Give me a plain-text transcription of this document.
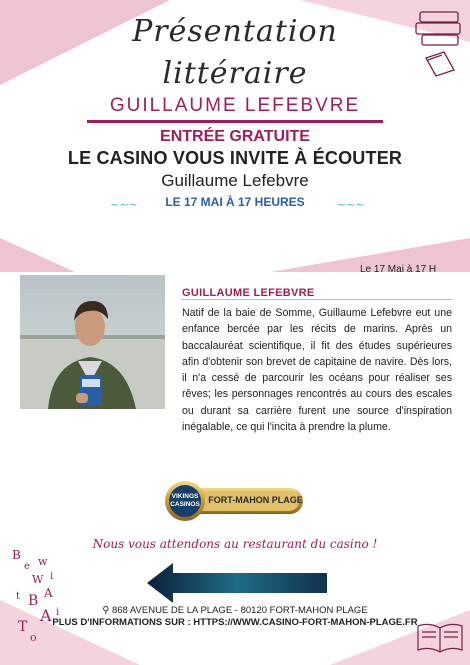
B
e w
W i
t B A
A i
T
o
Présentation
littéraire
GUILLAUME LEFEBVRE
ENTRÉE GRATUITE
LE CASINO VOUS INVITE À ÉCOUTER
Guillaume Lefebvre
~~~	LE 17 MAI À 17 HEURES	~~~
Le 17 Mai à 17 H
GUILLAUME LEFEBVRE
Natif de la baie de Somme, Guillaume Lefebvre eut une enfance bercée par les récits de marins. Après un baccalauréat scientifique, il fit des études supérieures afin d'obtenir son brevet de capitaine de navire. Dès lors, il n'a cessé de parcourir les océans pour réaliser ses rêves; les personnages rencontrés au cours des escales ou durant sa carrière furent une source d'inspiration inégalable, ce qui l'incita à prendre la plume.
VIKINGS
CASINOS FORT-MAHON PLAGE
Nous vous attendons au restaurant du casino !
⚲ 868 AVENUE DE LA PLAGE - 80120 FORT-MAHON PLAGE
PLUS D'INFORMATIONS SUR : HTTPS://WWW.CASINO-FORT-MAHON-PLAGE.FR
